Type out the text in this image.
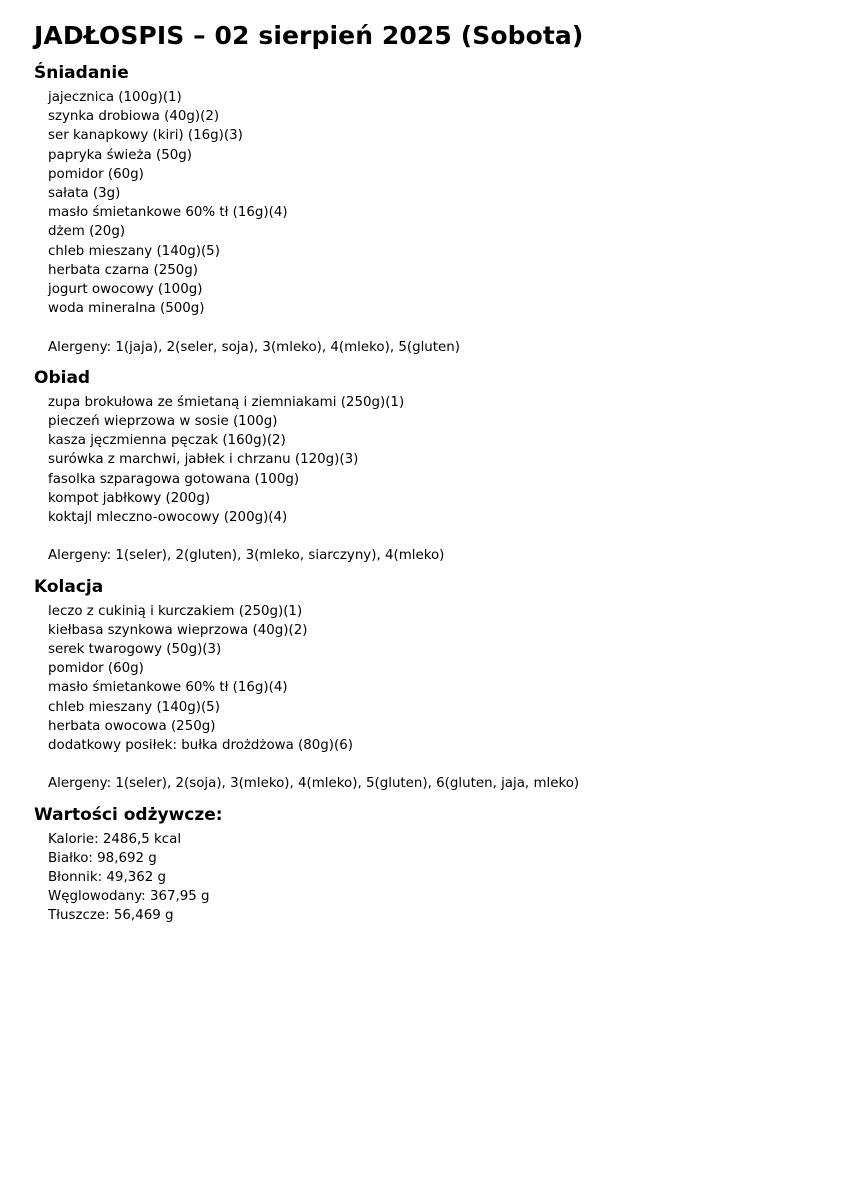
JADŁOSPIS – 02 sierpień 2025 (Sobota)
Śniadanie
jajecznica (100g)(1)
szynka drobiowa (40g)(2)
ser kanapkowy (kiri) (16g)(3)
papryka świeża (50g)
pomidor (60g)
sałata (3g)
masło śmietankowe 60% tł (16g)(4)
dżem (20g)
chleb mieszany (140g)(5)
herbata czarna (250g)
jogurt owocowy (100g)
woda mineralna (500g)
Alergeny: 1(jaja), 2(seler, soja), 3(mleko), 4(mleko), 5(gluten)
Obiad
zupa brokułowa ze śmietaną i ziemniakami (250g)(1)
pieczeń wieprzowa w sosie (100g)
kasza jęczmienna pęczak (160g)(2)
surówka z marchwi, jabłek i chrzanu (120g)(3)
fasolka szparagowa gotowana (100g)
kompot jabłkowy (200g)
koktajl mleczno-owocowy (200g)(4)
Alergeny: 1(seler), 2(gluten), 3(mleko, siarczyny), 4(mleko)
Kolacja
leczo z cukinią i kurczakiem (250g)(1)
kiełbasa szynkowa wieprzowa (40g)(2)
serek twarogowy (50g)(3)
pomidor (60g)
masło śmietankowe 60% tł (16g)(4)
chleb mieszany (140g)(5)
herbata owocowa (250g)
dodatkowy posiłek: bułka drożdżowa (80g)(6)
Alergeny: 1(seler), 2(soja), 3(mleko), 4(mleko), 5(gluten), 6(gluten, jaja, mleko)
Wartości odżywcze:
Kalorie: 2486,5 kcal
Białko: 98,692 g
Błonnik: 49,362 g
Węglowodany: 367,95 g
Tłuszcze: 56,469 g
